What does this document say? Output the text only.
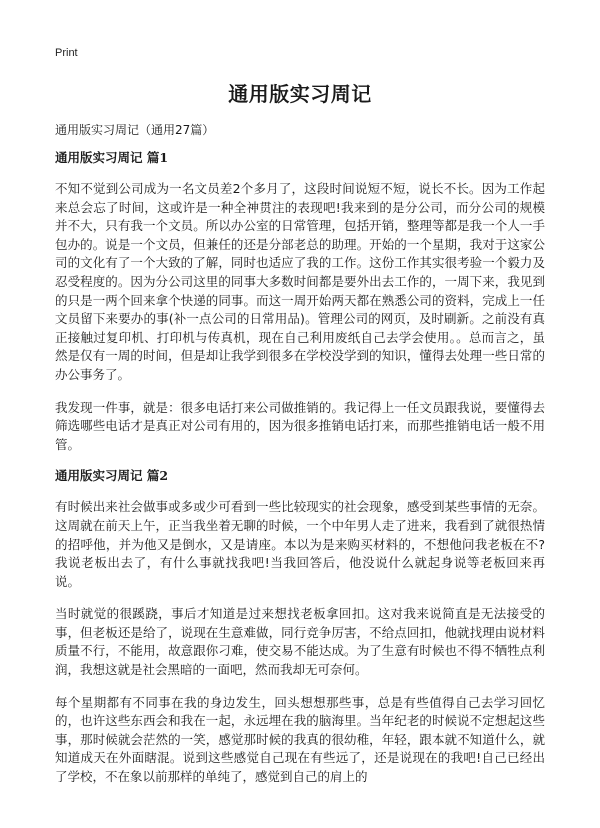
Print
通用版实习周记

通用版实习周记（通用27篇）

通用版实习周记 篇1

不知不觉到公司成为一名文员差2个多月了，这段时间说短不短，说长不长。因为工作起来总会忘了时间，这或许是一种全神贯注的表现吧!我来到的是分公司，而分公司的规模并不大，只有我一个文员。所以办公室的日常管理，包括开销，整理等都是我一个人一手包办的。说是一个文员，但兼任的还是分部老总的助理。开始的一个星期，我对于这家公司的文化有了一个大致的了解，同时也适应了我的工作。这份工作其实很考验一个毅力及忍受程度的。因为分公司这里的同事大多数时间都是要外出去工作的，一周下来，我见到的只是一两个回来拿个快递的同事。而这一周开始两天都在熟悉公司的资料，完成上一任文员留下来要办的事(补一点公司的日常用品)。管理公司的网页，及时刷新。之前没有真正接触过复印机、打印机与传真机，现在自己利用废纸自己去学会使用。。总而言之，虽然是仅有一周的时间，但是却让我学到很多在学校没学到的知识，懂得去处理一些日常的办公事务了。

我发现一件事，就是：很多电话打来公司做推销的。我记得上一任文员跟我说，要懂得去筛选哪些电话才是真正对公司有用的，因为很多推销电话打来，而那些推销电话一般不用管。

通用版实习周记 篇2

有时候出来社会做事或多或少可看到一些比较现实的社会现象，感受到某些事情的无奈。这周就在前天上午，正当我坐着无聊的时候，一个中年男人走了进来，我看到了就很热情的招呼他，并为他又是倒水，又是请座。本以为是来购买材料的，不想他问我老板在不?我说老板出去了，有什么事就找我吧!当我回答后，他没说什么就起身说等老板回来再说。

当时就觉的很蹊跷，事后才知道是过来想找老板拿回扣。这对我来说简直是无法接受的事，但老板还是给了，说现在生意难做，同行竞争厉害，不给点回扣，他就找理由说材料质量不行，不能用，故意跟你刁难，使交易不能达成。为了生意有时候也不得不牺牲点利润，我想这就是社会黑暗的一面吧，然而我却无可奈何。

每个星期都有不同事在我的身边发生，回头想想那些事，总是有些值得自己去学习回忆的，也许这些东西会和我在一起，永远埋在我的脑海里。当年纪老的时候说不定想起这些事，那时候就会茫然的一笑，感觉那时候的我真的很幼稚，年轻，跟本就不知道什么，就知道成天在外面瞎混。说到这些感觉自己现在有些远了，还是说现在的我吧!自己已经出了学校，不在象以前那样的单纯了，感觉到自己的肩上的
